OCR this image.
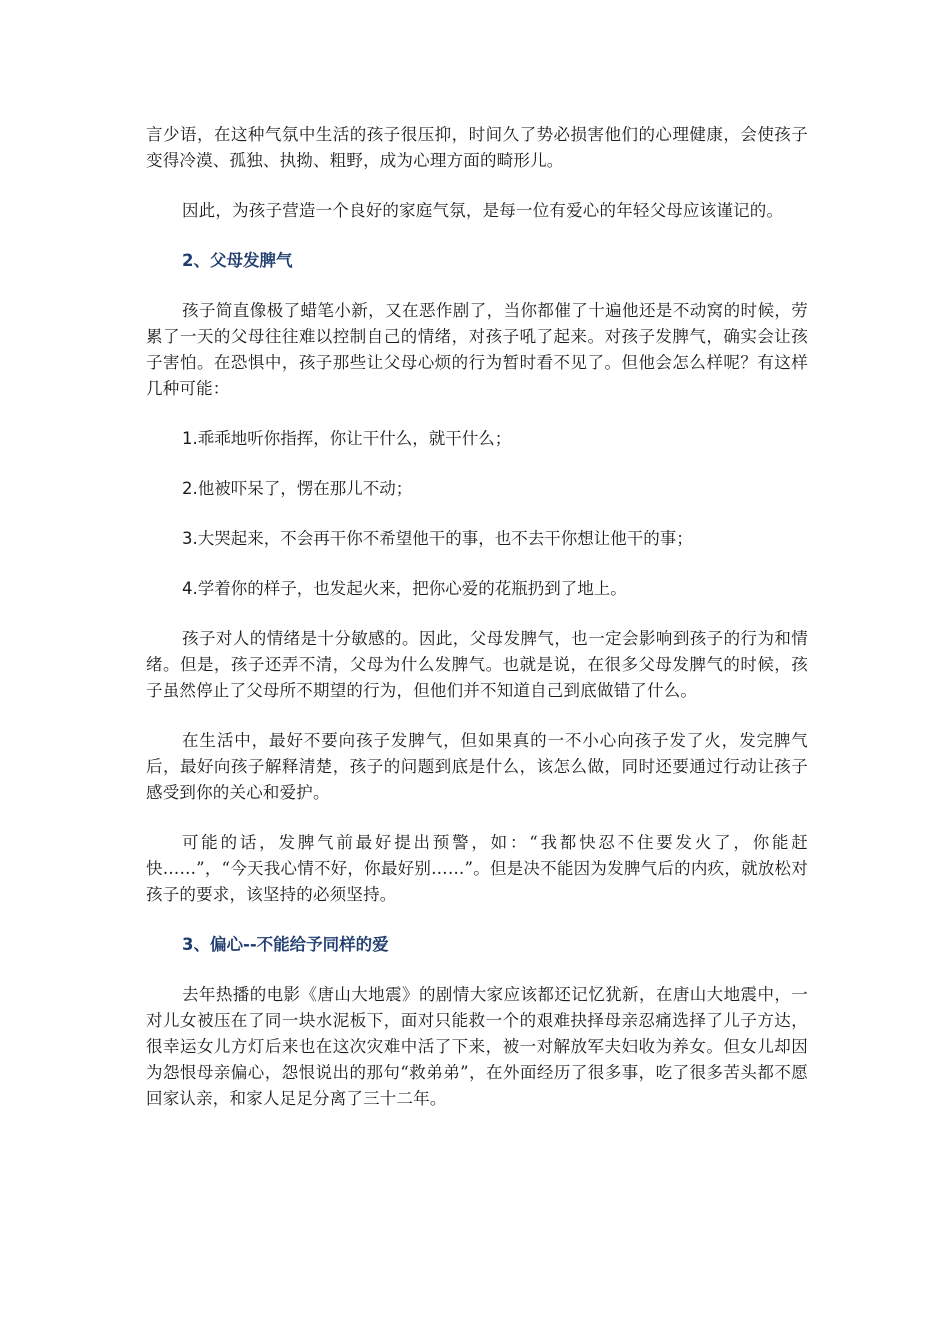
言少语，在这种气氛中生活的孩子很压抑，时间久了势必损害他们的心理健康，会使孩子变得冷漠、孤独、执拗、粗野，成为心理方面的畸形儿。

因此，为孩子营造一个良好的家庭气氛，是每一位有爱心的年轻父母应该谨记的。

2、父母发脾气

孩子简直像极了蜡笔小新，又在恶作剧了，当你都催了十遍他还是不动窝的时候，劳累了一天的父母往往难以控制自己的情绪，对孩子吼了起来。对孩子发脾气，确实会让孩子害怕。在恐惧中，孩子那些让父母心烦的行为暂时看不见了。但他会怎么样呢？有这样几种可能：

1.乖乖地听你指挥，你让干什么，就干什么；
2.他被吓呆了，愣在那儿不动；
3.大哭起来，不会再干你不希望他干的事，也不去干你想让他干的事；
4.学着你的样子，也发起火来，把你心爱的花瓶扔到了地上。

孩子对人的情绪是十分敏感的。因此，父母发脾气，也一定会影响到孩子的行为和情绪。但是，孩子还弄不清，父母为什么发脾气。也就是说，在很多父母发脾气的时候，孩子虽然停止了父母所不期望的行为，但他们并不知道自己到底做错了什么。

在生活中，最好不要向孩子发脾气，但如果真的一不小心向孩子发了火，发完脾气后，最好向孩子解释清楚，孩子的问题到底是什么，该怎么做，同时还要通过行动让孩子感受到你的关心和爱护。

可能的话，发脾气前最好提出预警，如：“我都快忍不住要发火了，你能赶快……”，“今天我心情不好，你最好别……”。但是决不能因为发脾气后的内疚，就放松对孩子的要求，该坚持的必须坚持。

3、偏心--不能给予同样的爱

去年热播的电影《唐山大地震》的剧情大家应该都还记忆犹新，在唐山大地震中，一对儿女被压在了同一块水泥板下，面对只能救一个的艰难抉择母亲忍痛选择了儿子方达，很幸运女儿方灯后来也在这次灾难中活了下来，被一对解放军夫妇收为养女。但女儿却因为怨恨母亲偏心，怨恨说出的那句“救弟弟”，在外面经历了很多事，吃了很多苦头都不愿回家认亲，和家人足足分离了三十二年。
